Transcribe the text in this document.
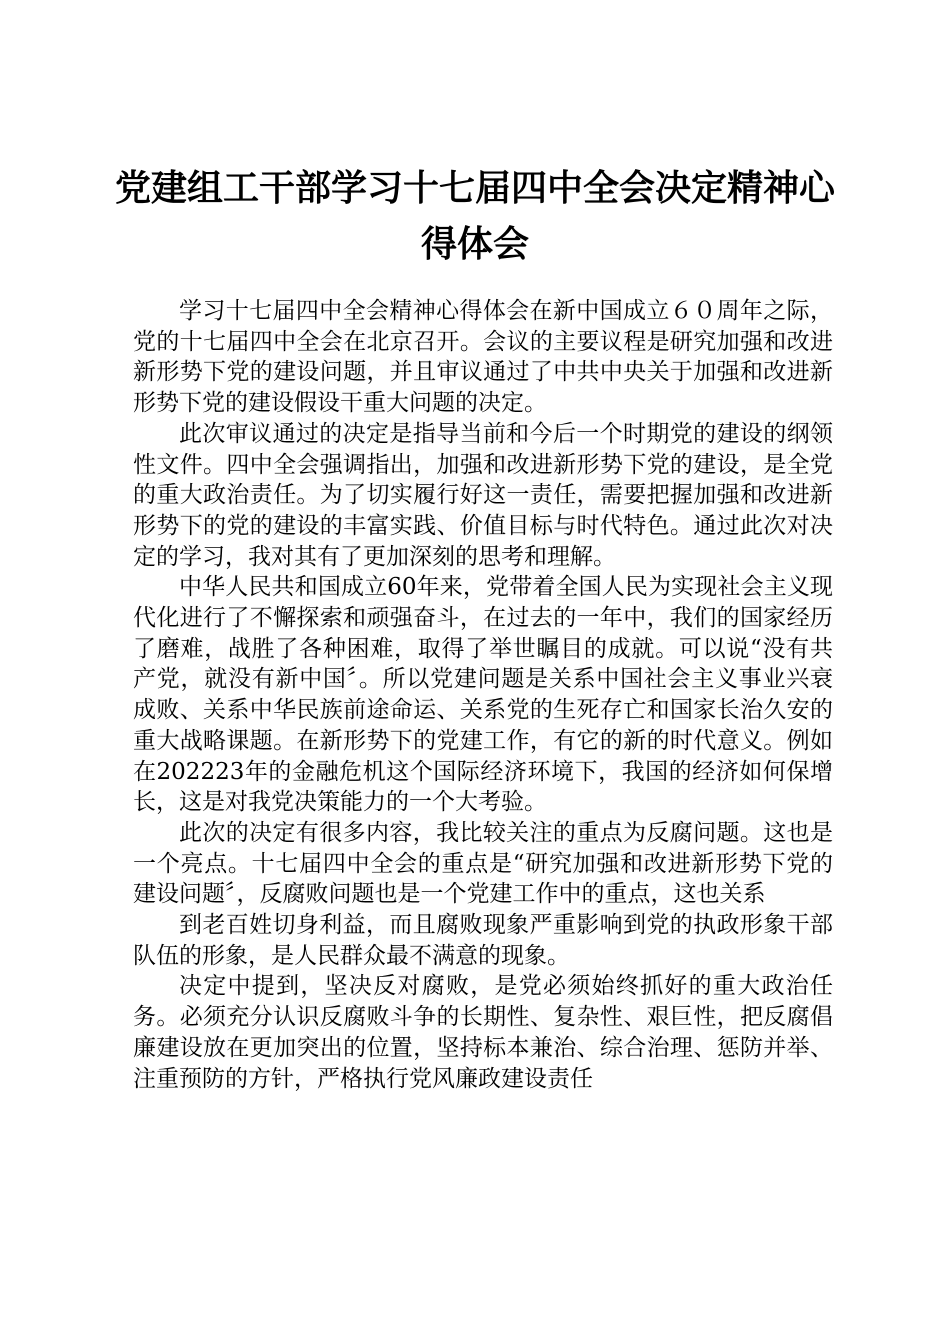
党建组工干部学习十七届四中全会决定精神心得体会

学习十七届四中全会精神心得体会在新中国成立６０周年之际，党的十七届四中全会在北京召开。会议的主要议程是研究加强和改进新形势下党的建设问题，并且审议通过了中共中央关于加强和改进新形势下党的建设假设干重大问题的决定。

此次审议通过的决定是指导当前和今后一个时期党的建设的纲领性文件。四中全会强调指出，加强和改进新形势下党的建设，是全党的重大政治责任。为了切实履行好这一责任，需要把握加强和改进新形势下的党的建设的丰富实践、价值目标与时代特色。通过此次对决定的学习，我对其有了更加深刻的思考和理解。

中华人民共和国成立60年来，党带着全国人民为实现社会主义现代化进行了不懈探索和顽强奋斗，在过去的一年中，我们的国家经历了磨难，战胜了各种困难，取得了举世瞩目的成就。可以说“没有共产党，就没有新中国〞。所以党建问题是关系中国社会主义事业兴衰成败、关系中华民族前途命运、关系党的生死存亡和国家长治久安的重大战略课题。在新形势下的党建工作，有它的新的时代意义。例如在202223年的金融危机这个国际经济环境下，我国的经济如何保增长，这是对我党决策能力的一个大考验。

此次的决定有很多内容，我比较关注的重点为反腐问题。这也是一个亮点。十七届四中全会的重点是“研究加强和改进新形势下党的建设问题〞，反腐败问题也是一个党建工作中的重点，这也关系

到老百姓切身利益，而且腐败现象严重影响到党的执政形象干部队伍的形象，是人民群众最不满意的现象。

决定中提到，坚决反对腐败，是党必须始终抓好的重大政治任务。必须充分认识反腐败斗争的长期性、复杂性、艰巨性，把反腐倡廉建设放在更加突出的位置，坚持标本兼治、综合治理、惩防并举、注重预防的方针，严格执行党风廉政建设责任
